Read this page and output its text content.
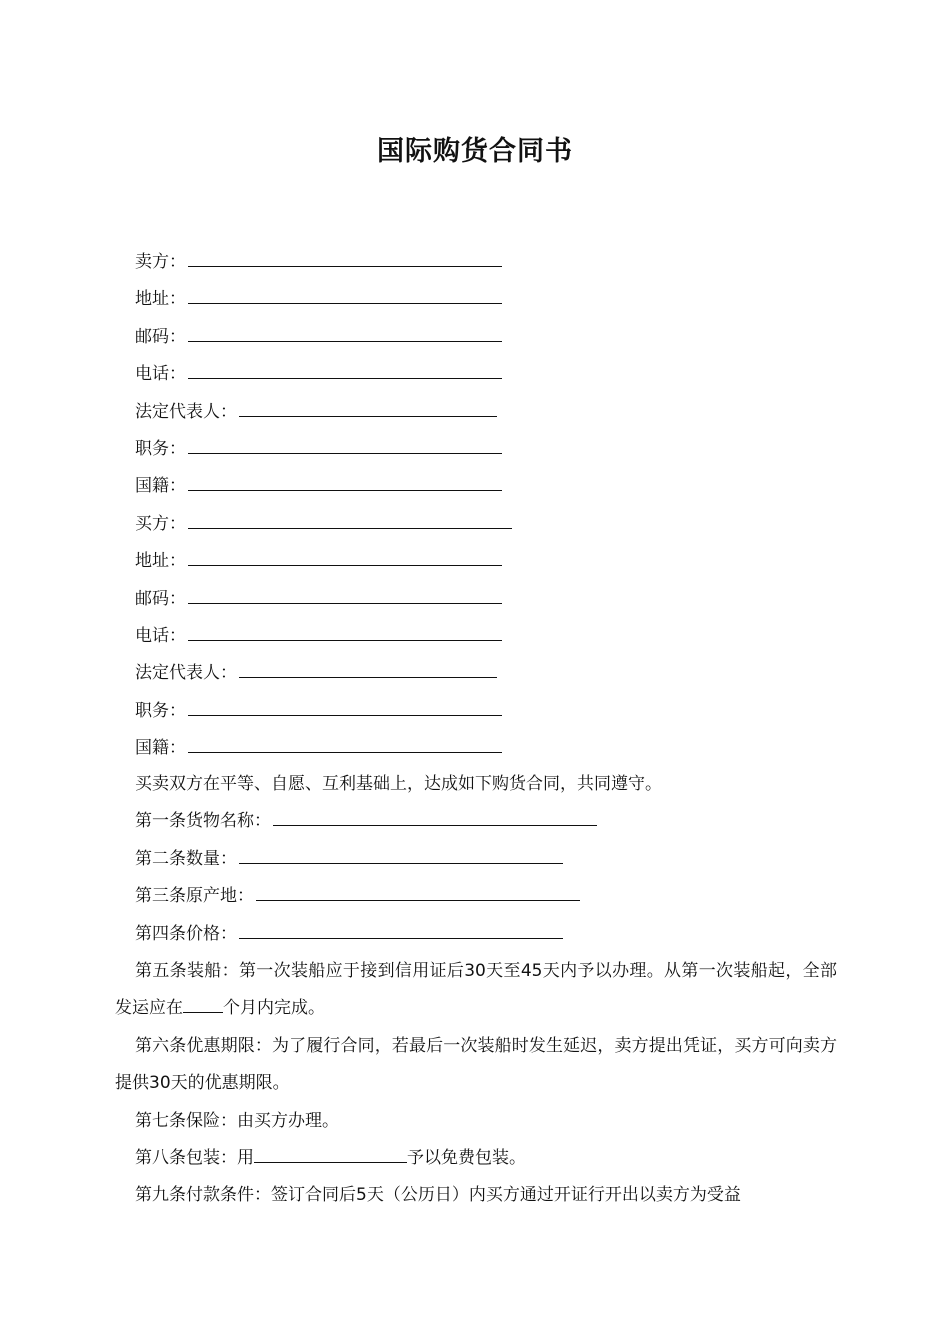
国际购货合同书
卖方：
地址：
邮码：
电话：
法定代表人：
职务：
国籍：
买方：
地址：
邮码：
电话：
法定代表人：
职务：
国籍：

买卖双方在平等、自愿、互利基础上，达成如下购货合同，共同遵守。

第一条货物名称：

第二条数量：

第三条原产地：

第四条价格：

第五条装船：第一次装船应于接到信用证后30天至45天内予以办理。从第一次装船起，全部发运应在 个月内完成。

第六条优惠期限：为了履行合同，若最后一次装船时发生延迟，卖方提出凭证，买方可向卖方提供30天的优惠期限。

第七条保险：由买方办理。

第八条包装：用	予以免费包装。

第九条付款条件：签订合同后5天（公历日）内买方通过开证行开出以卖方为受益
